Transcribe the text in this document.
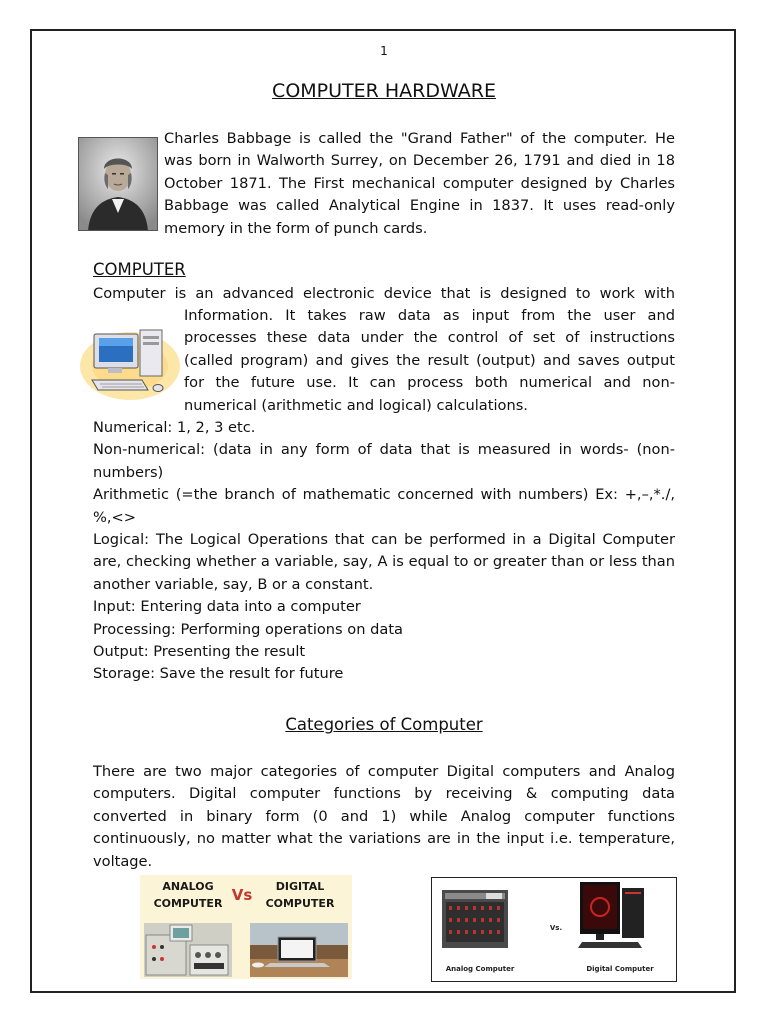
1
COMPUTER HARDWARE

Charles Babbage is called the "Grand Father" of the computer. He was born in Walworth Surrey, on December 26, 1791 and died in 18 October 1871. The First mechanical computer designed by Charles Babbage was called Analytical Engine in 1837. It uses read-only memory in the form of punch cards.

COMPUTER

Computer is an advanced electronic device that is designed to work with

Information. It takes raw data as input from the user and processes these data under the control of set of instructions (called program) and gives the result (output) and saves output for the future use. It can process both numerical and non-numerical (arithmetic and logical) calculations.

Numerical: 1, 2, 3 etc.

Non-numerical: (data in any form of data that is measured in words- (non-numbers)

Arithmetic (=the branch of mathematic concerned with numbers) Ex: +,–,*./, %,<>

Logical: The Logical Operations that can be performed in a Digital Computer are, checking whether a variable, say, A is equal to or greater than or less than another variable, say, B or a constant.

Input: Entering data into a computer

Processing: Performing operations on data

Output: Presenting the result

Storage: Save the result for future

Categories of Computer

There are two major categories of computer Digital computers and Analog computers. Digital computer functions by receiving & computing data converted in binary form (0 and 1) while Analog computer functions continuously, no matter what the variations are in the input i.e. temperature, voltage.

ANALOG
COMPUTER Vs DIGITAL
COMPUTER
Vs.
Analog Computer	Digital Computer
